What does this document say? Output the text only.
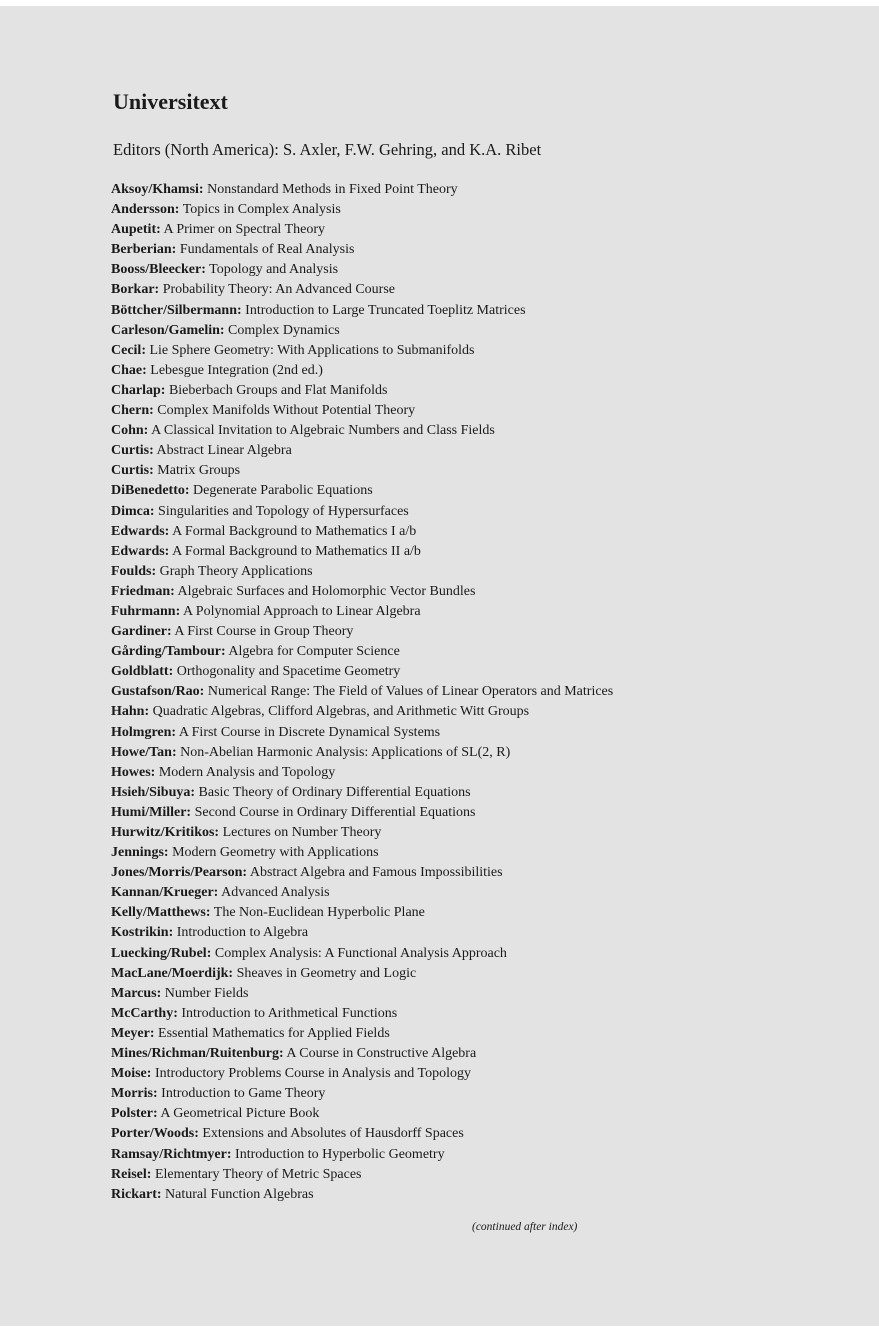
Universitext

Editors (North America): S. Axler, F.W. Gehring, and K.A. Ribet

Aksoy/Khamsi: Nonstandard Methods in Fixed Point Theory
Andersson: Topics in Complex Analysis
Aupetit: A Primer on Spectral Theory
Berberian: Fundamentals of Real Analysis
Booss/Bleecker: Topology and Analysis
Borkar: Probability Theory: An Advanced Course
Böttcher/Silbermann: Introduction to Large Truncated Toeplitz Matrices
Carleson/Gamelin: Complex Dynamics
Cecil: Lie Sphere Geometry: With Applications to Submanifolds
Chae: Lebesgue Integration (2nd ed.)
Charlap: Bieberbach Groups and Flat Manifolds
Chern: Complex Manifolds Without Potential Theory
Cohn: A Classical Invitation to Algebraic Numbers and Class Fields
Curtis: Abstract Linear Algebra
Curtis: Matrix Groups
DiBenedetto: Degenerate Parabolic Equations
Dimca: Singularities and Topology of Hypersurfaces
Edwards: A Formal Background to Mathematics I a/b
Edwards: A Formal Background to Mathematics II a/b
Foulds: Graph Theory Applications
Friedman: Algebraic Surfaces and Holomorphic Vector Bundles
Fuhrmann: A Polynomial Approach to Linear Algebra
Gardiner: A First Course in Group Theory
Gårding/Tambour: Algebra for Computer Science
Goldblatt: Orthogonality and Spacetime Geometry
Gustafson/Rao: Numerical Range: The Field of Values of Linear Operators and Matrices
Hahn: Quadratic Algebras, Clifford Algebras, and Arithmetic Witt Groups
Holmgren: A First Course in Discrete Dynamical Systems
Howe/Tan: Non-Abelian Harmonic Analysis: Applications of SL(2, R)
Howes: Modern Analysis and Topology
Hsieh/Sibuya: Basic Theory of Ordinary Differential Equations
Humi/Miller: Second Course in Ordinary Differential Equations
Hurwitz/Kritikos: Lectures on Number Theory
Jennings: Modern Geometry with Applications
Jones/Morris/Pearson: Abstract Algebra and Famous Impossibilities
Kannan/Krueger: Advanced Analysis
Kelly/Matthews: The Non-Euclidean Hyperbolic Plane
Kostrikin: Introduction to Algebra
Luecking/Rubel: Complex Analysis: A Functional Analysis Approach
MacLane/Moerdijk: Sheaves in Geometry and Logic
Marcus: Number Fields
McCarthy: Introduction to Arithmetical Functions
Meyer: Essential Mathematics for Applied Fields
Mines/Richman/Ruitenburg: A Course in Constructive Algebra
Moise: Introductory Problems Course in Analysis and Topology
Morris: Introduction to Game Theory
Polster: A Geometrical Picture Book
Porter/Woods: Extensions and Absolutes of Hausdorff Spaces
Ramsay/Richtmyer: Introduction to Hyperbolic Geometry
Reisel: Elementary Theory of Metric Spaces
Rickart: Natural Function Algebras
(continued after index)
